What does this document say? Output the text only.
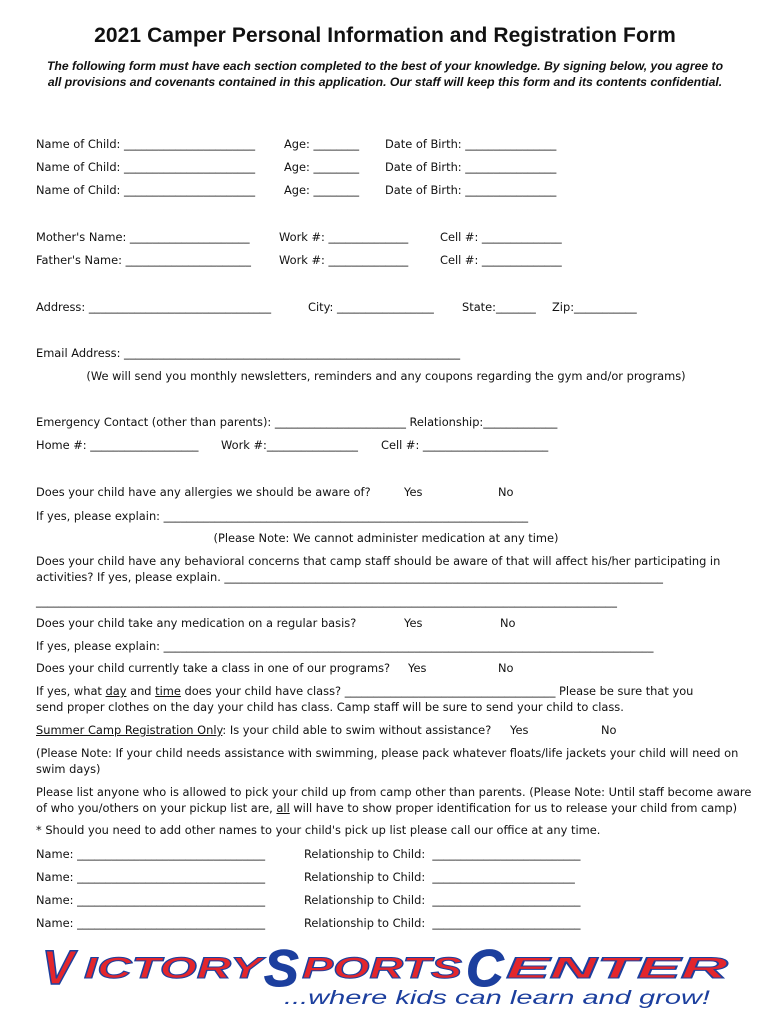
2021 Camper Personal Information and Registration Form
The following form must have each section completed to the best of your knowledge. By signing below, you agree to all provisions and covenants contained in this application. Our staff will keep this form and its contents confidential.
Name of Child: _______________________	Age: ________ Date of Birth: ________________
Name of Child: _______________________	Age: ________ Date of Birth: ________________
Name of Child: _______________________	Age: ________ Date of Birth: ________________
Mother's Name: _____________________	Work #: ______________	Cell #: ______________
Father's Name: ______________________ Work #: ______________	Cell #: ______________
Address: ________________________________	City: _________________ State:_______ Zip:___________
Email Address: ___________________________________________________________
(We will send you monthly newsletters, reminders and any coupons regarding the gym and/or programs)
Emergency Contact (other than parents): _______________________ Relationship:_____________
Home #: ___________________ Work #:________________ Cell #: ______________________
Does your child have any allergies we should be aware of?	Yes	No
If yes, please explain: ________________________________________________________________
(Please Note: We cannot administer medication at any time)
Does your child have any behavioral concerns that camp staff should be aware of that will affect his/her participating in
activities? If yes, please explain. _____________________________________________________________________________
______________________________________________________________________________________________________
Does your child take any medication on a regular basis?	Yes	No
If yes, please explain: ______________________________________________________________________________________
Does your child currently take a class in one of our programs? Yes	No
If yes, what day and time does your child have class? _____________________________________ Please be sure that you
send proper clothes on the day your child has class. Camp staff will be sure to send your child to class.
Summer Camp Registration Only: Is your child able to swim without assistance? Yes	No
(Please Note: If your child needs assistance with swimming, please pack whatever floats/life jackets your child will need on
swim days)
Please list anyone who is allowed to pick your child up from camp other than parents. (Please Note: Until staff become aware
of who you/others on your pickup list are, all will have to show proper identification for us to release your child from camp)
* Should you need to add other names to your child's pick up list please call our office at any time.
Name: _________________________________	Relationship to Child:  __________________________
Name: _________________________________	Relationship to Child:  _________________________
Name: _________________________________	Relationship to Child:  __________________________
Name: _________________________________	Relationship to Child:  __________________________
V ICTORY
S PORTS C ENTER
...where kids can learn and grow!
